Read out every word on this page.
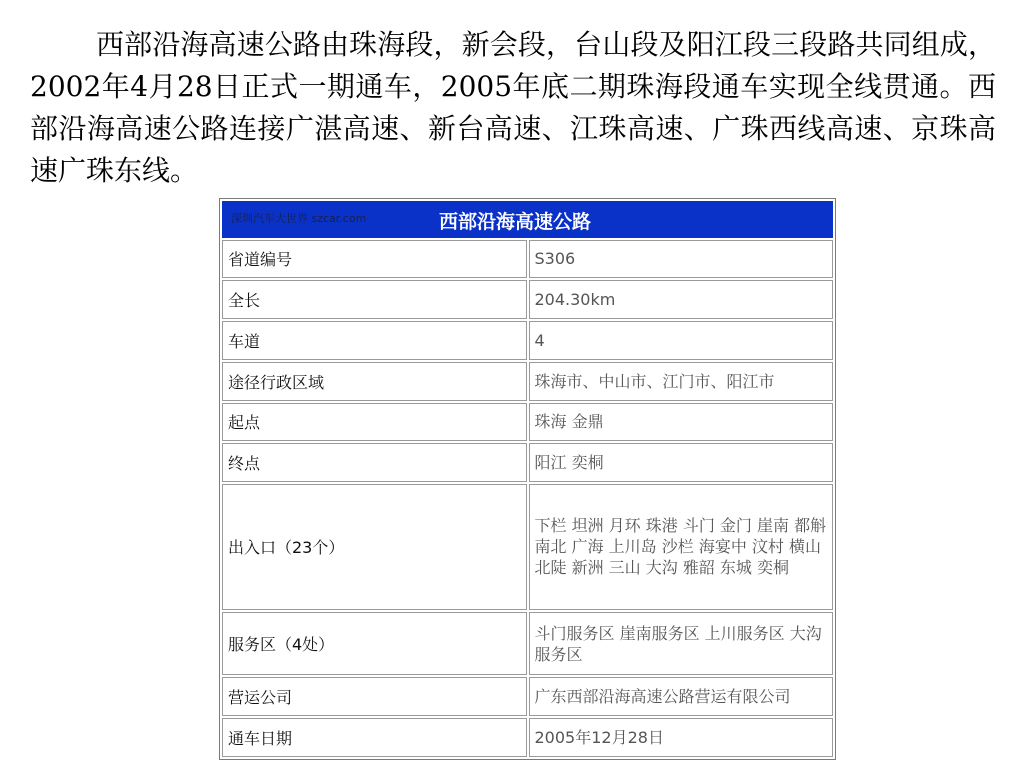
西部沿海高速公路由珠海段，新会段，台山段及阳江段三段路共同组成，2002年4月28日正式一期通车，2005年底二期珠海段通车实现全线贯通。西部沿海高速公路连接广湛高速、新台高速、江珠高速、广珠西线高速、京珠高速广珠东线。
深圳汽车大世界 szcar.com 西部沿海高速公路	

省道编号	S306
全长	204.30km
车道	4
途径行政区域	珠海市、中山市、江门市、阳江市
起点	珠海 金鼎
终点	阳江 奕桐
出入口（23个）	下栏 坦洲 月环 珠港 斗门 金门 崖南 都斛 南北 广海 上川岛 沙栏 海宴中 汶村 横山 北陡 新洲 三山 大沟 雅韶 东城 奕桐
服务区（4处）	斗门服务区 崖南服务区 上川服务区 大沟服务区
营运公司	广东西部沿海高速公路营运有限公司
通车日期	2005年12月28日
